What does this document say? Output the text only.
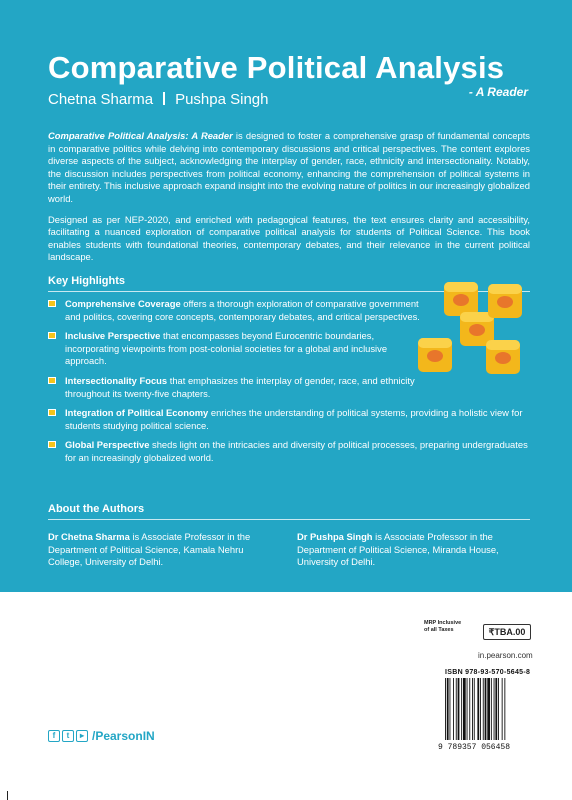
Comparative Political Analysis
Chetna Sharma Pushpa Singh	- A Reader

Comparative Political Analysis: A Reader is designed to foster a comprehensive grasp of fundamental concepts in comparative politics while delving into contemporary discussions and critical perspectives. The content explores diverse aspects of the subject, acknowledging the interplay of gender, race, ethnicity and intersectionality. Notably, the discussion includes perspectives from political economy, enhancing the comprehension of political systems in their entirety. This inclusive approach expand insight into the evolving nature of politics in our increasingly globalized world.

Designed as per NEP-2020, and enriched with pedagogical features, the text ensures clarity and accessibility, facilitating a nuanced exploration of comparative political analysis for students of Political Science. This book enables students with foundational theories, contemporary debates, and their relevance in the current political landscape.

Key Highlights
Comprehensive Coverage offers a thorough exploration of comparative government and politics, covering core concepts, contemporary debates, and critical perspectives.
Inclusive Perspective that encompasses beyond Eurocentric boundaries, incorporating viewpoints from post-colonial societies for a global and inclusive approach.
Intersectionality Focus that emphasizes the interplay of gender, race, and ethnicity throughout its twenty-five chapters.
Integration of Political Economy enriches the understanding of political systems, providing a holistic view for students studying political science.
Global Perspective sheds light on the intricacies and diversity of political processes, preparing undergraduates for an increasingly globalized world.
About the Authors
Dr Chetna Sharma is Associate Professor in the Department of Political Science, Kamala Nehru College, University of Delhi.
Dr Pushpa Singh is Associate Professor in the Department of Political Science, Miranda House, University of Delhi.
MRP Inclusive
of all Taxes	₹TBA.00
in.pearson.com
ISBN 978-93-570-5645-8
9 789357 056458
f	t	▸ /PearsonIN
